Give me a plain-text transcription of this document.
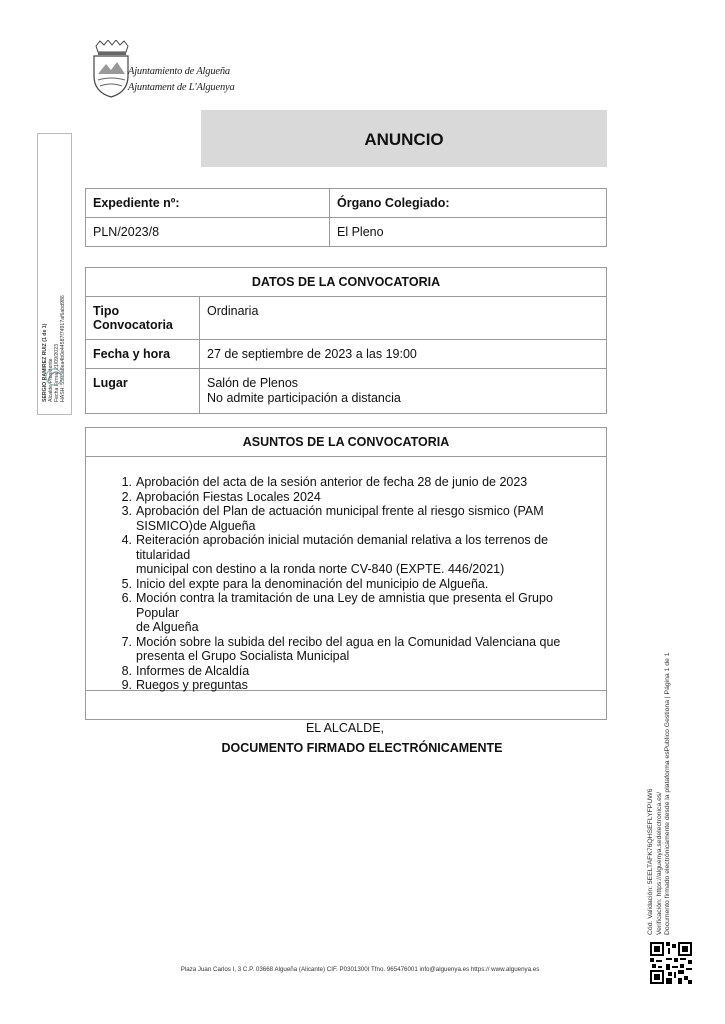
Ajuntamiento de Algueña
Ajuntament de L'Alguenya
ANUNCIO
Expediente nº:	Órgano Colegiado:

PLN/2023/8	El Pleno
DATOS DE LA CONVOCATORIA	

Tipo Convocatoria	Ordinaria

Fecha y hora	27 de septiembre de 2023 a las 19:00

Lugar	Salón de Plenos
No admite participación a distancia
ASUNTOS DE LA CONVOCATORIA
1. Aprobación del acta de la sesión anterior de fecha 28 de junio de 2023
2. Aprobación Fiestas Locales 2024
3. Aprobación del Plan de actuación municipal frente al riesgo sismico (PAM
SISMICO)de Algueña
4. Reiteración aprobación inicial mutación demanial relativa a los terrenos de titularidad
municipal con destino a la ronda norte CV-840 (EXPTE. 446/2021)
5. Inicio del expte para la denominación del municipio de Algueña.
6. Moción contra la tramitación de una Ley de amnistia que presenta el Grupo Popular
de Algueña
7. Moción sobre la subida del recibo del agua en la Comunidad Valenciana que
presenta el Grupo Socialista Municipal
8. Informes de Alcaldía
9. Ruegos y preguntas
EL ALCALDE,
DOCUMENTO FIRMADO ELECTRÓNICAMENTE
SERGIO RAMIREZ RUIZ (1 de 1) Alcalde-Presidente Fecha Firma: 21/09/2023 HASH: 5583a8ea4b0e44587f74917af6abd986
Cód. Validación: 5EELTAFK76QHSEFLYFPUW6 Verificación: https://alguenya.sedelectronica.es/ Documento firmado electrónicamente desde la plataforma esPublico Gestiona | Página 1 de 1
Plaza Juan Carlos I, 3 C.P. 03668 Algueña (Alicante) CIF. P0301300I Tfno. 965476001 info@alguenya.es https:// www.alguenya.es
